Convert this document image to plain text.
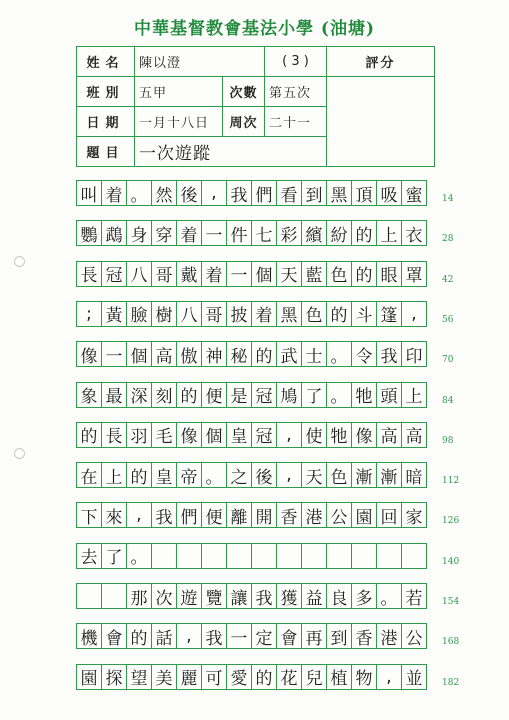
中華基督教會基法小學 (油塘)
姓名	陳以澄		( 3 )	評分
班別	五甲	次數	第五次	
日期	一月十八日	周次	二十一	
題目	一次遊蹤			
叫 着 。 然 後 , 我 們 看 到 黑 頂 吸 蜜
鸚 鵡 身 穿 着 一 件 七 彩 繽 紛 的 上 衣
長 冠 八 哥 戴 着 一 個 天 藍 色 的 眼 罩
; 黃 臉 樹 八 哥 披 着 黑 色 的 斗 篷 ,
像 一 個 高 傲 神 秘 的 武 士 。 令 我 印
象 最 深 刻 的 便 是 冠 鳩 了 。 牠 頭 上
的 長 羽 毛 像 個 皇 冠 , 使 牠 像 高 高
在 上 的 皇 帝 。 之 後 , 天 色 漸 漸 暗
下 來 , 我 們 便 離 開 香 港 公 園 回 家
去 了 。
那 次 遊 覽 讓 我 獲 益 良 多 。 若
機 會 的 話 , 我 一 定 會 再 到 香 港 公
園 探 望 美 麗 可 愛 的 花 兒 植 物 , 並
14
28
42
56
70
84
98
112
126
140
154
168
182
